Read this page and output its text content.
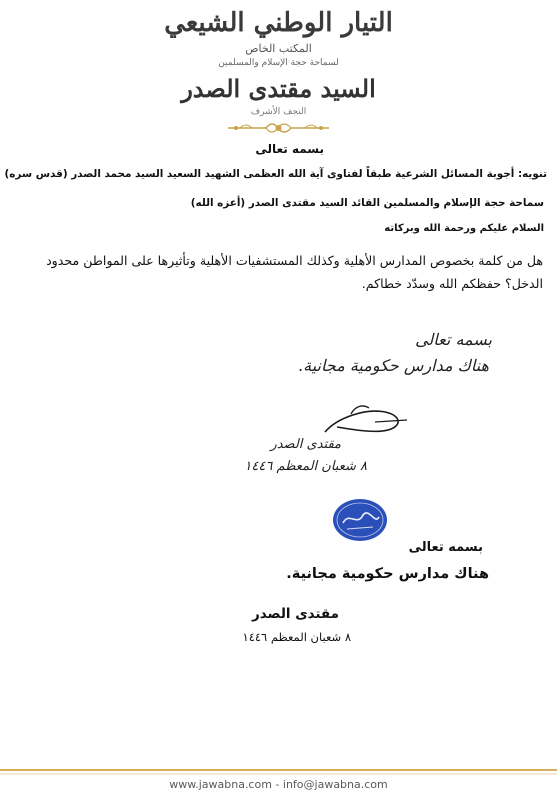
التيار الوطني الشيعي
المكتب الخاص
لسماحة حجة الإسلام والمسلمين
السيد مقتدى الصدر
النجف الأشرف
بسمه تعالى
تنويه: أجوبة المسائل الشرعية طبقاً لفتاوى آية الله العظمى الشهيد السعيد السيد محمد الصدر (قدس سره)
سماحة حجة الإسلام والمسلمين القائد السيد مقتدى الصدر (أعزه الله)
السلام عليكم ورحمة الله وبركاته
هل من كلمة بخصوص المدارس الأهلية وكذلك المستشفيات الأهلية وتأثيرها على المواطن محدود
الدخل؟ حفظكم الله وسدّد خطاكم.
بسمه تعالى
هناك مدارس حكومية مجانية.
مقتدى الصدر
٨ شعبان المعظم ١٤٤٦
بسمه تعالى
هناك مدارس حكومية مجانية.
مقتدى الصدر
٨ شعبان المعظم ١٤٤٦
www.jawabna.com - info@jawabna.com
